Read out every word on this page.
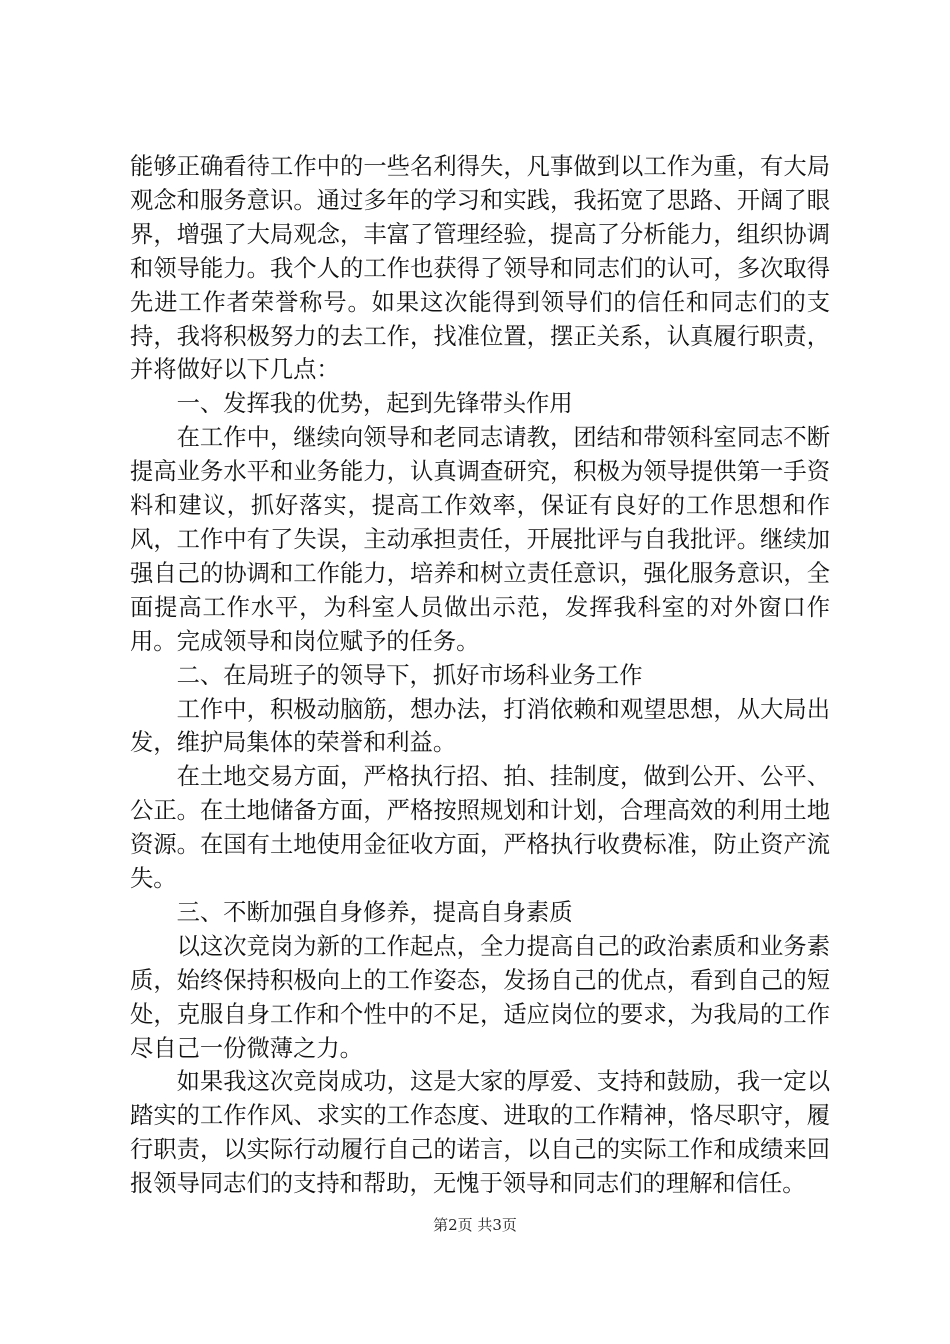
能够正确看待工作中的一些名利得失，凡事做到以工作为重，有大局观念和服务意识。通过多年的学习和实践，我拓宽了思路、开阔了眼界，增强了大局观念，丰富了管理经验，提高了分析能力，组织协调和领导能力。我个人的工作也获得了领导和同志们的认可，多次取得先进工作者荣誉称号。如果这次能得到领导们的信任和同志们的支持，我将积极努力的去工作，找准位置，摆正关系，认真履行职责，并将做好以下几点：

一、发挥我的优势，起到先锋带头作用

在工作中，继续向领导和老同志请教，团结和带领科室同志不断提高业务水平和业务能力，认真调查研究，积极为领导提供第一手资料和建议，抓好落实，提高工作效率，保证有良好的工作思想和作风，工作中有了失误，主动承担责任，开展批评与自我批评。继续加强自己的协调和工作能力，培养和树立责任意识，强化服务意识，全面提高工作水平，为科室人员做出示范，发挥我科室的对外窗口作用。完成领导和岗位赋予的任务。

二、在局班子的领导下，抓好市场科业务工作

工作中，积极动脑筋，想办法，打消依赖和观望思想，从大局出发，维护局集体的荣誉和利益。

在土地交易方面，严格执行招、拍、挂制度，做到公开、公平、公正。在土地储备方面，严格按照规划和计划，合理高效的利用土地资源。在国有土地使用金征收方面，严格执行收费标准，防止资产流失。

三、不断加强自身修养，提高自身素质

以这次竞岗为新的工作起点，全力提高自己的政治素质和业务素质，始终保持积极向上的工作姿态，发扬自己的优点，看到自己的短处，克服自身工作和个性中的不足，适应岗位的要求，为我局的工作尽自己一份微薄之力。

如果我这次竞岗成功，这是大家的厚爱、支持和鼓励，我一定以踏实的工作作风、求实的工作态度、进取的工作精神，恪尽职守，履行职责，以实际行动履行自己的诺言，以自己的实际工作和成绩来回报领导同志们的支持和帮助，无愧于领导和同志们的理解和信任。

第2页 共3页
